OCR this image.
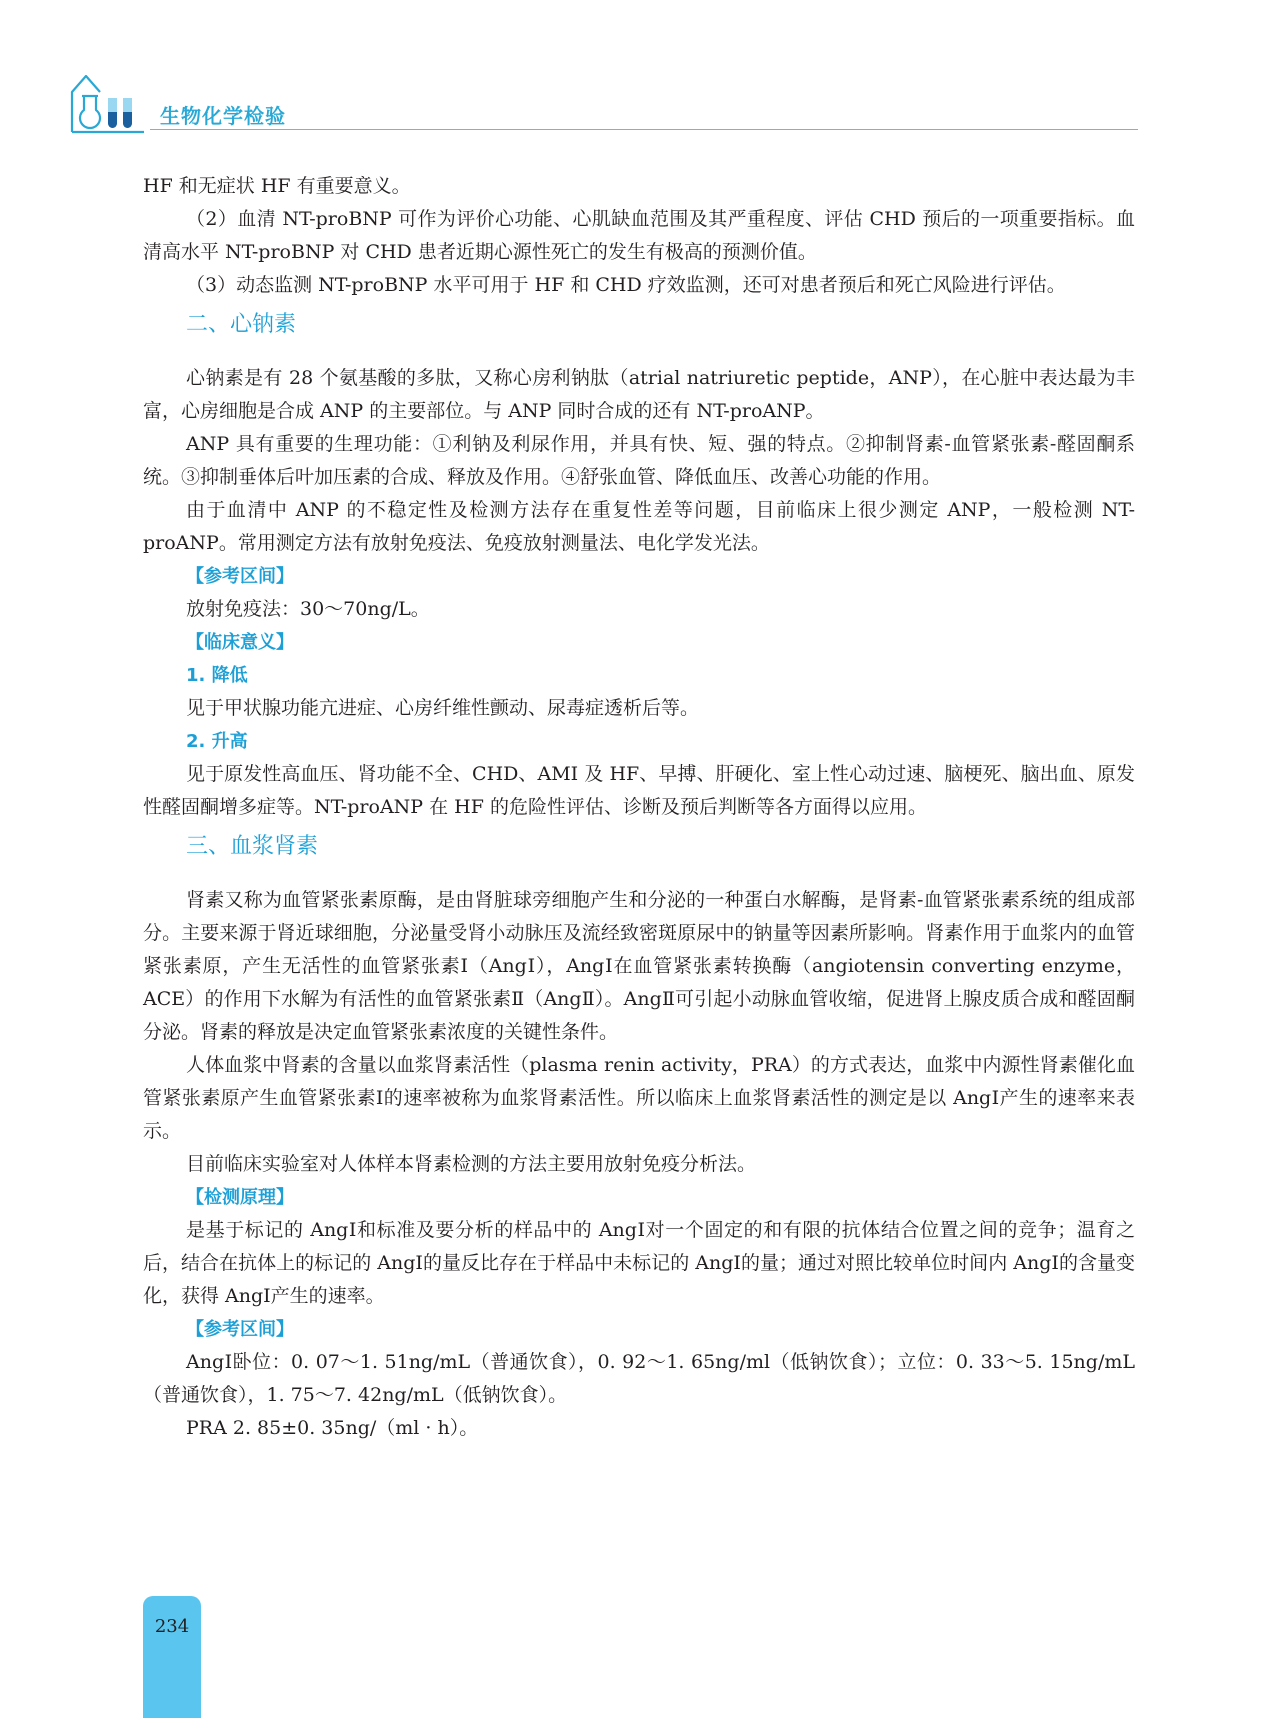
生物化学检验

HF 和无症状 HF 有重要意义。

（2）血清 NT-proBNP 可作为评价心功能、心肌缺血范围及其严重程度、评估 CHD 预后的一项重要指标。血清高水平 NT-proBNP 对 CHD 患者近期心源性死亡的发生有极高的预测价值。

（3）动态监测 NT-proBNP 水平可用于 HF 和 CHD 疗效监测，还可对患者预后和死亡风险进行评估。

二、心钠素

心钠素是有 28 个氨基酸的多肽，又称心房利钠肽（atrial natriuretic peptide，ANP），在心脏中表达最为丰富，心房细胞是合成 ANP 的主要部位。与 ANP 同时合成的还有 NT-proANP。

ANP 具有重要的生理功能：①利钠及利尿作用，并具有快、短、强的特点。②抑制肾素-血管紧张素-醛固酮系统。③抑制垂体后叶加压素的合成、释放及作用。④舒张血管、降低血压、改善心功能的作用。

由于血清中 ANP 的不稳定性及检测方法存在重复性差等问题，目前临床上很少测定 ANP，一般检测 NT-proANP。常用测定方法有放射免疫法、免疫放射测量法、电化学发光法。

【参考区间】

放射免疫法：30～70ng/L。

【临床意义】
1. 降低

见于甲状腺功能亢进症、心房纤维性颤动、尿毒症透析后等。

2. 升高

见于原发性高血压、肾功能不全、CHD、AMI 及 HF、早搏、肝硬化、室上性心动过速、脑梗死、脑出血、原发性醛固酮增多症等。NT-proANP 在 HF 的危险性评估、诊断及预后判断等各方面得以应用。

三、血浆肾素

肾素又称为血管紧张素原酶，是由肾脏球旁细胞产生和分泌的一种蛋白水解酶，是肾素-血管紧张素系统的组成部分。主要来源于肾近球细胞，分泌量受肾小动脉压及流经致密斑原尿中的钠量等因素所影响。肾素作用于血浆内的血管紧张素原，产生无活性的血管紧张素Ⅰ（AngⅠ），AngⅠ在血管紧张素转换酶（angiotensin converting enzyme，ACE）的作用下水解为有活性的血管紧张素Ⅱ（AngⅡ）。AngⅡ可引起小动脉血管收缩，促进肾上腺皮质合成和醛固酮分泌。肾素的释放是决定血管紧张素浓度的关键性条件。

人体血浆中肾素的含量以血浆肾素活性（plasma renin activity，PRA）的方式表达，血浆中内源性肾素催化血管紧张素原产生血管紧张素Ⅰ的速率被称为血浆肾素活性。所以临床上血浆肾素活性的测定是以 AngⅠ产生的速率来表示。

目前临床实验室对人体样本肾素检测的方法主要用放射免疫分析法。

【检测原理】

是基于标记的 AngⅠ和标准及要分析的样品中的 AngⅠ对一个固定的和有限的抗体结合位置之间的竞争；温育之后，结合在抗体上的标记的 AngⅠ的量反比存在于样品中未标记的 AngⅠ的量；通过对照比较单位时间内 AngⅠ的含量变化，获得 AngⅠ产生的速率。

【参考区间】

AngⅠ卧位：0. 07～1. 51ng/mL（普通饮食），0. 92～1. 65ng/ml（低钠饮食）；立位：0. 33～5. 15ng/mL（普通饮食），1. 75～7. 42ng/mL（低钠饮食）。

PRA 2. 85±0. 35ng/（ml · h）。

234
